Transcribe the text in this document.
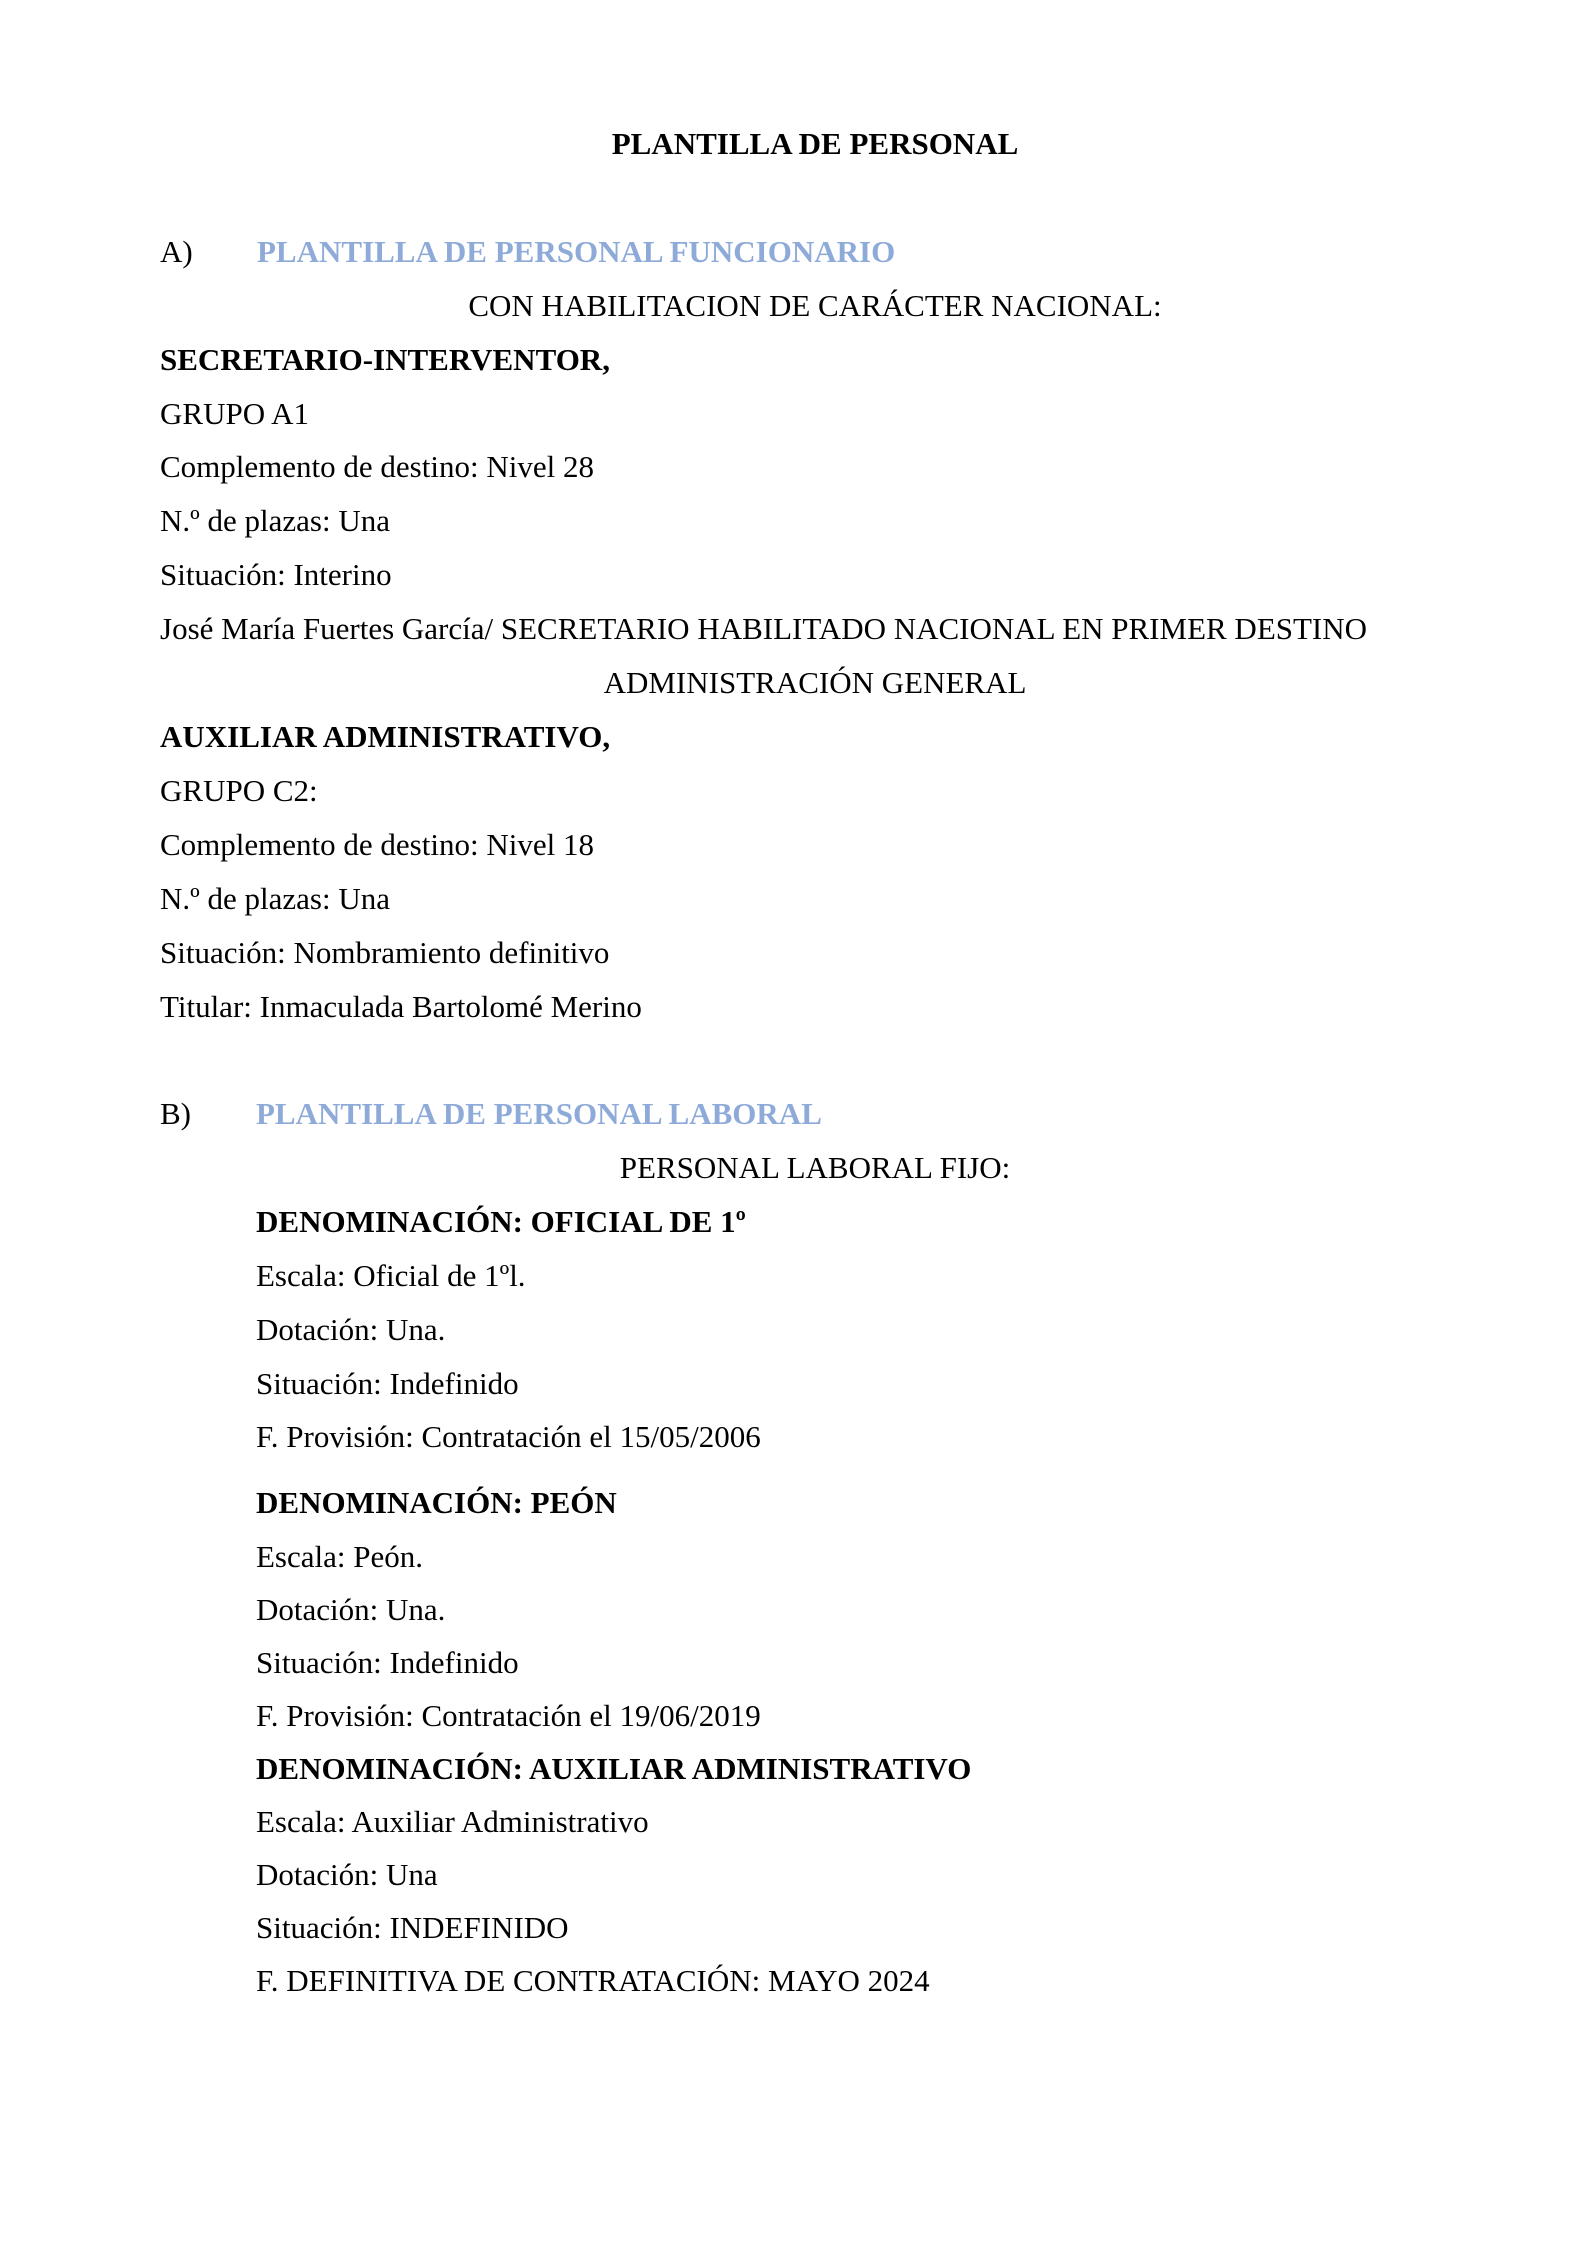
PLANTILLA DE PERSONAL
A) PLANTILLA DE PERSONAL FUNCIONARIO
CON HABILITACION DE CARÁCTER NACIONAL:
SECRETARIO-INTERVENTOR,
GRUPO A1
Complemento de destino: Nivel 28
N.º de plazas: Una
Situación: Interino
José María Fuertes García/ SECRETARIO HABILITADO NACIONAL EN PRIMER DESTINO
ADMINISTRACIÓN GENERAL
AUXILIAR ADMINISTRATIVO,
GRUPO C2:
Complemento de destino: Nivel 18
N.º de plazas: Una
Situación: Nombramiento definitivo
Titular: Inmaculada Bartolomé Merino
B) PLANTILLA DE PERSONAL LABORAL
PERSONAL LABORAL FIJO:
DENOMINACIÓN: OFICIAL DE 1º
Escala: Oficial de 1ºl.
Dotación: Una.
Situación: Indefinido
F. Provisión: Contratación el 15/05/2006
DENOMINACIÓN: PEÓN
Escala: Peón.
Dotación: Una.
Situación: Indefinido
F. Provisión: Contratación el 19/06/2019
DENOMINACIÓN: AUXILIAR ADMINISTRATIVO
Escala: Auxiliar Administrativo
Dotación: Una
Situación: INDEFINIDO
F. DEFINITIVA DE CONTRATACIÓN: MAYO 2024
